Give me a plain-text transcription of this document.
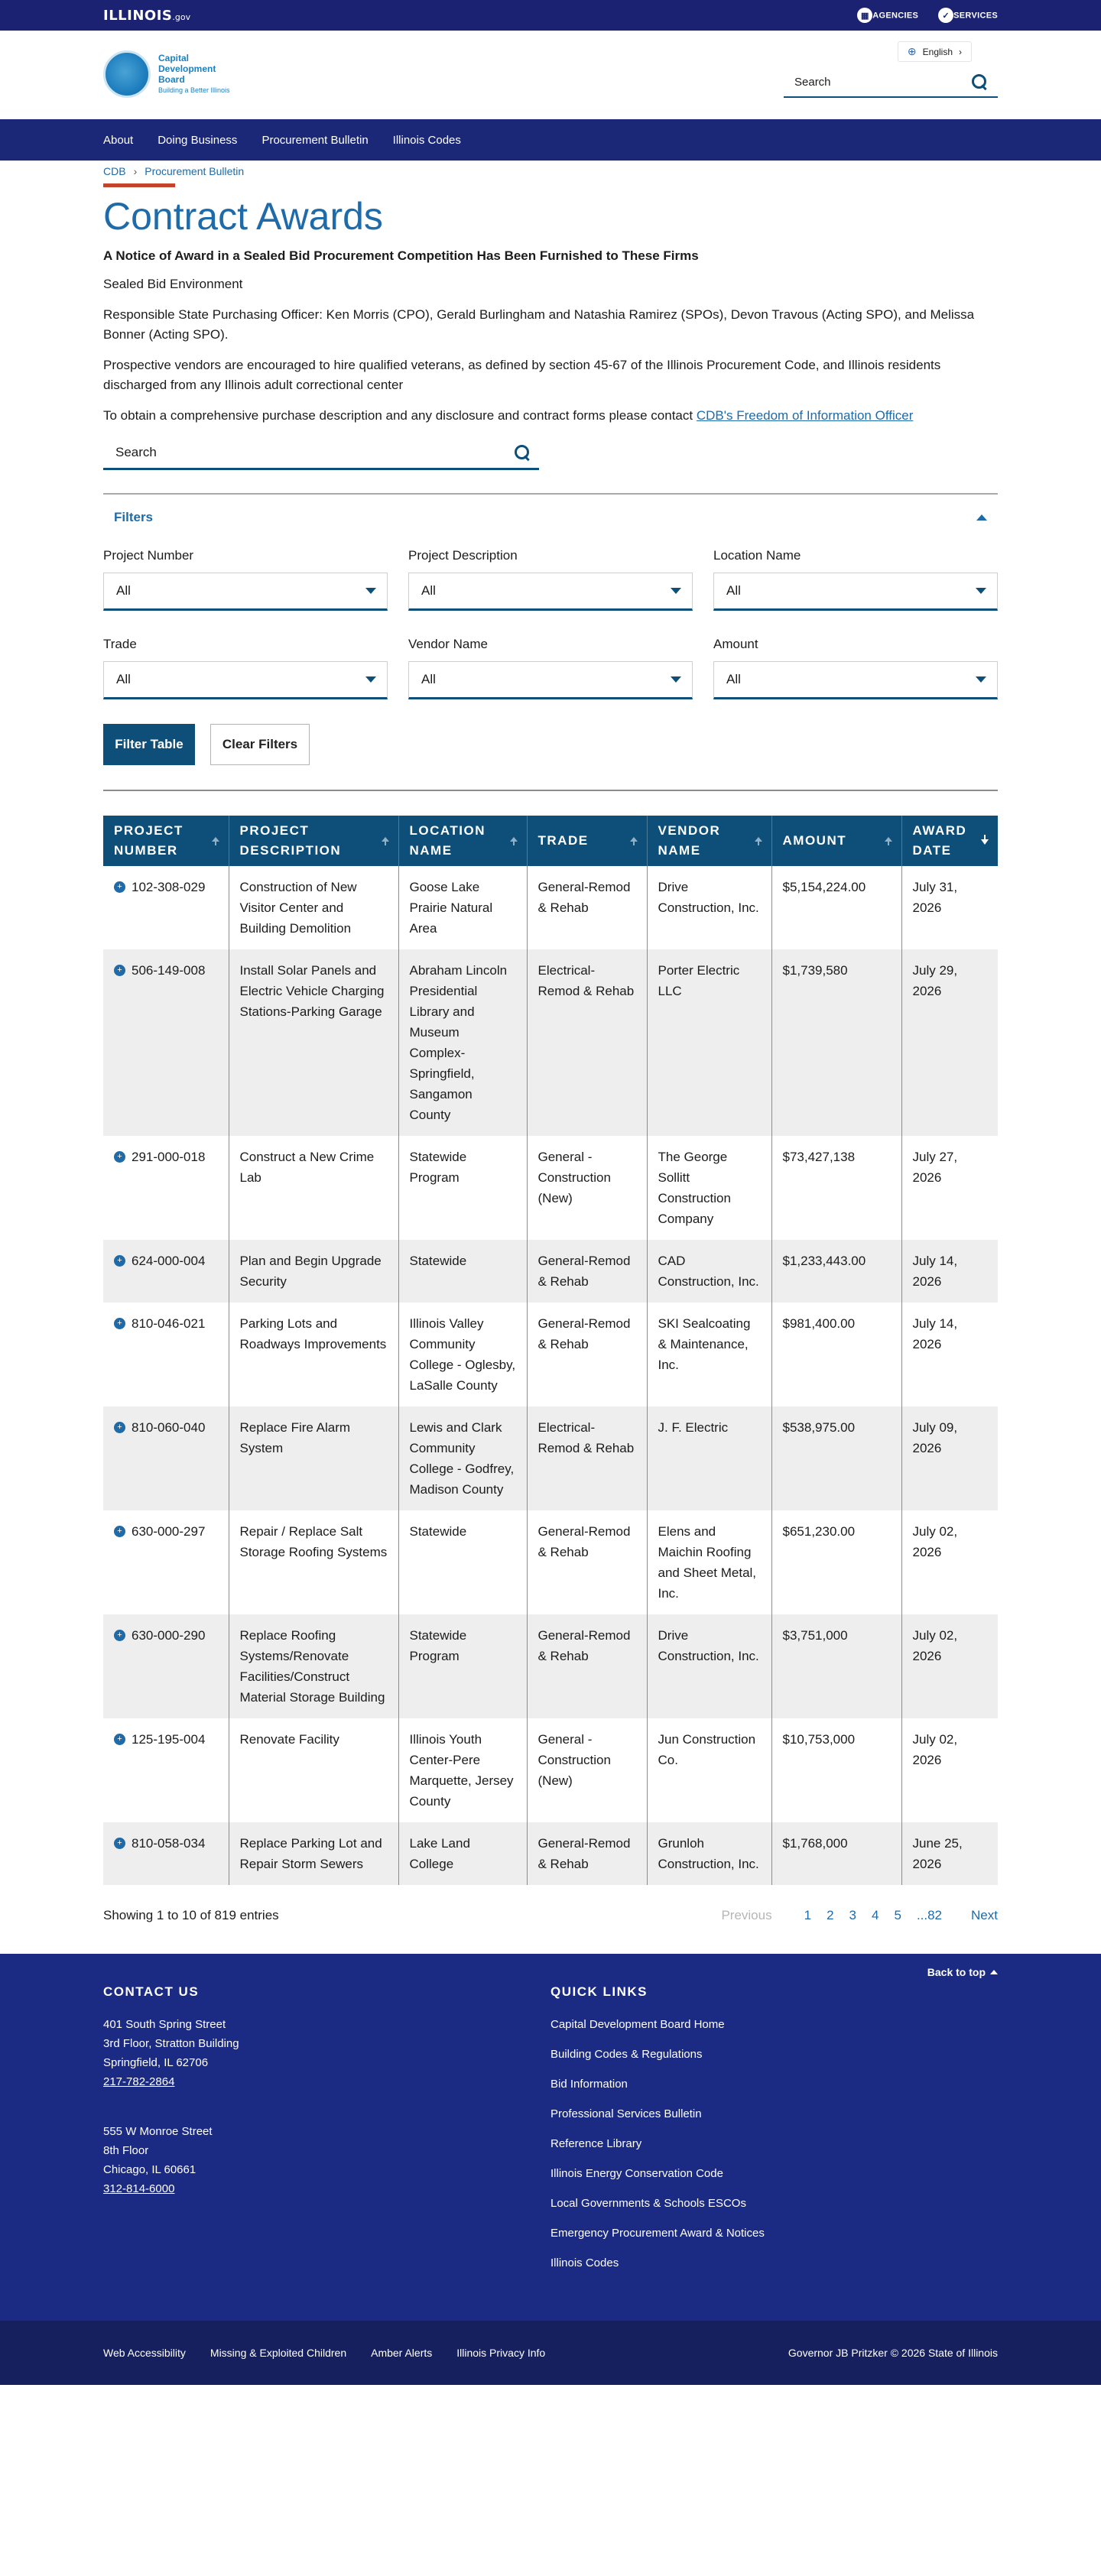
ILLINOIS.gov	▦ AGENCIES	✓ SERVICES
Capital
Development
Board
Building a Better Illinois
⊕ English ›
Search
About Doing Business Procurement Bulletin Illinois Codes
CDB › Procurement Bulletin
Contract Awards
A Notice of Award in a Sealed Bid Procurement Competition Has Been Furnished to These Firms
Sealed Bid Environment
Responsible State Purchasing Officer: Ken Morris (CPO), Gerald Burlingham and Natashia Ramirez (SPOs), Devon Travous (Acting SPO), and Melissa Bonner (Acting SPO).
Prospective vendors are encouraged to hire qualified veterans, as defined by section 45-67 of the Illinois Procurement Code, and Illinois residents discharged from any Illinois adult correctional center
To obtain a comprehensive purchase description and any disclosure and contract forms please contact CDB's Freedom of Information Officer
Search
Filters
Project Number
All
Project Description
All
Location Name
All
Trade
All
Vendor Name
All
Amount
All
Filter Table	Clear Filters
PROJECT NUMBER	PROJECT DESCRIPTION	LOCATION NAME	TRADE	VENDOR NAME	AMOUNT	AWARD DATE

+ 102-308-029	Construction of New Visitor Center and Building Demolition	Goose Lake Prairie Natural Area	General-Remod & Rehab	Drive Construction, Inc.	$5,154,224.00	July 31, 2026

+ 506-149-008	Install Solar Panels and Electric Vehicle Charging Stations-Parking Garage	Abraham Lincoln Presidential Library and Museum Complex-Springfield, Sangamon County	Electrical-Remod & Rehab	Porter Electric LLC	$1,739,580	July 29, 2026

+ 291-000-018	Construct a New Crime Lab	Statewide Program	General - Construction (New)	The George Sollitt Construction Company	$73,427,138	July 27, 2026

+ 624-000-004	Plan and Begin Upgrade Security	Statewide	General-Remod & Rehab	CAD Construction, Inc.	$1,233,443.00	July 14, 2026

+ 810-046-021	Parking Lots and Roadways Improvements	Illinois Valley Community College - Oglesby, LaSalle County	General-Remod & Rehab	SKI Sealcoating & Maintenance, Inc.	$981,400.00	July 14, 2026

+ 810-060-040	Replace Fire Alarm System	Lewis and Clark Community College - Godfrey, Madison County	Electrical-Remod & Rehab	J. F. Electric	$538,975.00	July 09, 2026

+ 630-000-297	Repair / Replace Salt Storage Roofing Systems	Statewide	General-Remod & Rehab	Elens and Maichin Roofing and Sheet Metal, Inc.	$651,230.00	July 02, 2026

+ 630-000-290	Replace Roofing Systems/Renovate Facilities/Construct Material Storage Building	Statewide Program	General-Remod & Rehab	Drive Construction, Inc.	$3,751,000	July 02, 2026

+ 125-195-004	Renovate Facility	Illinois Youth Center-Pere Marquette, Jersey County	General - Construction (New)	Jun Construction Co.	$10,753,000	July 02, 2026

+ 810-058-034	Replace Parking Lot and Repair Storm Sewers	Lake Land College	General-Remod & Rehab	Grunloh Construction, Inc.	$1,768,000	June 25, 2026
Showing 1 to 10 of 819 entries	Previous 1 2 3 4 5 ...82 Next
Back to top
CONTACT US
401 South Spring Street
3rd Floor, Stratton Building
Springfield, IL 62706
217-782-2864
555 W Monroe Street
8th Floor
Chicago, IL 60661
312-814-6000
QUICK LINKS
Capital Development Board Home
Building Codes & Regulations
Bid Information
Professional Services Bulletin
Reference Library
Illinois Energy Conservation Code
Local Governments & Schools ESCOs
Emergency Procurement Award & Notices
Illinois Codes
Web Accessibility Missing & Exploited Children Amber Alerts Illinois Privacy Info	Governor JB Pritzker © 2026 State of Illinois
